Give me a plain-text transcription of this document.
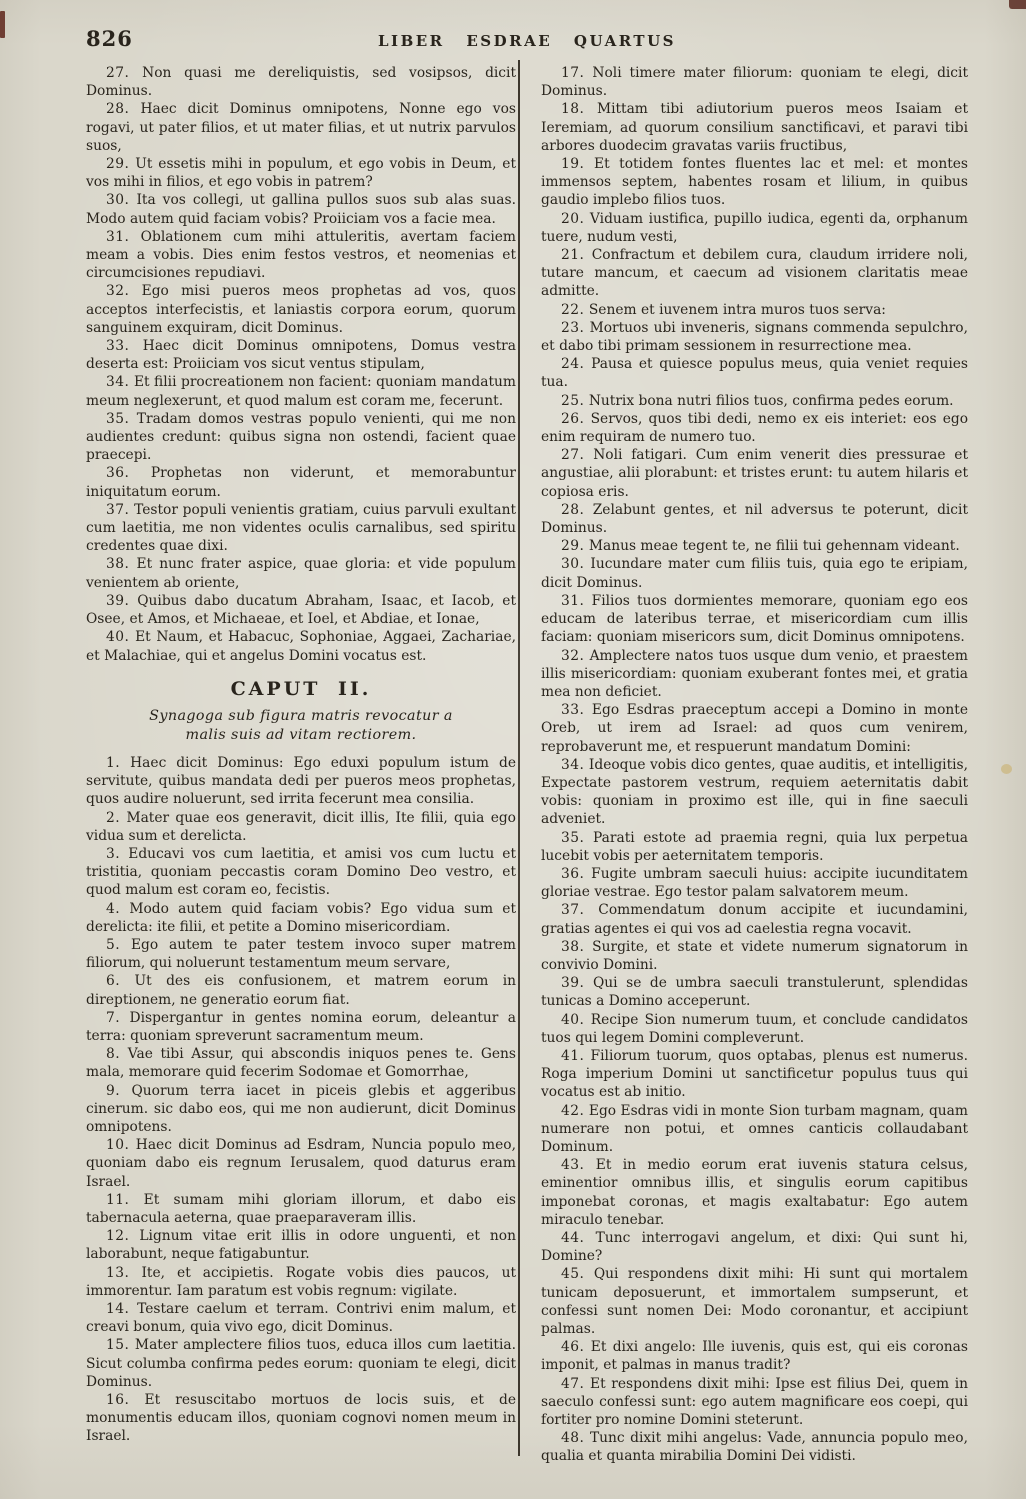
826	LIBER ESDRAE QUARTUS

27. Non quasi me dereliquistis, sed vosipsos, dicit Dominus.

28. Haec dicit Dominus omnipotens, Nonne ego vos rogavi, ut pater filios, et ut mater filias, et ut nutrix parvulos suos,

29. Ut essetis mihi in populum, et ego vobis in Deum, et vos mihi in filios, et ego vobis in patrem?

30. Ita vos collegi, ut gallina pullos suos sub alas suas. Modo autem quid faciam vobis? Proiiciam vos a facie mea.

31. Oblationem cum mihi attuleritis, avertam faciem meam a vobis. Dies enim festos vestros, et neomenias et circumcisiones repudiavi.

32. Ego misi pueros meos prophetas ad vos, quos acceptos interfecistis, et laniastis corpora eorum, quorum sanguinem exquiram, dicit Dominus.

33. Haec dicit Dominus omnipotens, Domus vestra deserta est: Proiiciam vos sicut ventus stipulam,

34. Et filii procreationem non facient: quoniam mandatum meum neglexerunt, et quod malum est coram me, fecerunt.

35. Tradam domos vestras populo venienti, qui me non audientes credunt: quibus signa non ostendi, facient quae praecepi.

36. Prophetas non viderunt, et memorabuntur iniquitatum eorum.

37. Testor populi venientis gratiam, cuius parvuli exultant cum laetitia, me non videntes oculis carnalibus, sed spiritu credentes quae dixi.

38. Et nunc frater aspice, quae gloria: et vide populum venientem ab oriente,

39. Quibus dabo ducatum Abraham, Isaac, et Iacob, et Osee, et Amos, et Michaeae, et Ioel, et Abdiae, et Ionae,

40. Et Naum, et Habacuc, Sophoniae, Aggaei, Zachariae, et Malachiae, qui et angelus Domini vocatus est.

CAPUT II.
Synagoga sub figura matris revocatur a malis suis ad vitam rectiorem.

1. Haec dicit Dominus: Ego eduxi populum istum de servitute, quibus mandata dedi per pueros meos prophetas, quos audire noluerunt, sed irrita fecerunt mea consilia.

2. Mater quae eos generavit, dicit illis, Ite filii, quia ego vidua sum et derelicta.

3. Educavi vos cum laetitia, et amisi vos cum luctu et tristitia, quoniam peccastis coram Domino Deo vestro, et quod malum est coram eo, fecistis.

4. Modo autem quid faciam vobis? Ego vidua sum et derelicta: ite filii, et petite a Domino misericordiam.

5. Ego autem te pater testem invoco super matrem filiorum, qui noluerunt testamentum meum servare,

6. Ut des eis confusionem, et matrem eorum in direptionem, ne generatio eorum fiat.

7. Dispergantur in gentes nomina eorum, deleantur a terra: quoniam spreverunt sacramentum meum.

8. Vae tibi Assur, qui abscondis iniquos penes te. Gens mala, memorare quid fecerim Sodomae et Gomorrhae,

9. Quorum terra iacet in piceis glebis et aggeribus cinerum. sic dabo eos, qui me non audierunt, dicit Dominus omnipotens.

10. Haec dicit Dominus ad Esdram, Nuncia populo meo, quoniam dabo eis regnum Ierusalem, quod daturus eram Israel.

11. Et sumam mihi gloriam illorum, et dabo eis tabernacula aeterna, quae praeparaveram illis.

12. Lignum vitae erit illis in odore unguenti, et non laborabunt, neque fatigabuntur.

13. Ite, et accipietis. Rogate vobis dies paucos, ut immorentur. Iam paratum est vobis regnum: vigilate.

14. Testare caelum et terram. Contrivi enim malum, et creavi bonum, quia vivo ego, dicit Dominus.

15. Mater amplectere filios tuos, educa illos cum laetitia. Sicut columba confirma pedes eorum: quoniam te elegi, dicit Dominus.

16. Et resuscitabo mortuos de locis suis, et de monumentis educam illos, quoniam cognovi nomen meum in Israel.

17. Noli timere mater filiorum: quoniam te elegi, dicit Dominus.

18. Mittam tibi adiutorium pueros meos Isaiam et Ieremiam, ad quorum consilium sanctificavi, et paravi tibi arbores duodecim gravatas variis fructibus,

19. Et totidem fontes fluentes lac et mel: et montes immensos septem, habentes rosam et lilium, in quibus gaudio implebo filios tuos.

20. Viduam iustifica, pupillo iudica, egenti da, orphanum tuere, nudum vesti,

21. Confractum et debilem cura, claudum irridere noli, tutare mancum, et caecum ad visionem claritatis meae admitte.

22. Senem et iuvenem intra muros tuos serva:

23. Mortuos ubi inveneris, signans commenda sepulchro, et dabo tibi primam sessionem in resurrectione mea.

24. Pausa et quiesce populus meus, quia veniet requies tua.

25. Nutrix bona nutri filios tuos, confirma pedes eorum.

26. Servos, quos tibi dedi, nemo ex eis interiet: eos ego enim requiram de numero tuo.

27. Noli fatigari. Cum enim venerit dies pressurae et angustiae, alii plorabunt: et tristes erunt: tu autem hilaris et copiosa eris.

28. Zelabunt gentes, et nil adversus te poterunt, dicit Dominus.

29. Manus meae tegent te, ne filii tui gehennam videant.

30. Iucundare mater cum filiis tuis, quia ego te eripiam, dicit Dominus.

31. Filios tuos dormientes memorare, quoniam ego eos educam de lateribus terrae, et misericordiam cum illis faciam: quoniam misericors sum, dicit Dominus omnipotens.

32. Amplectere natos tuos usque dum venio, et praestem illis misericordiam: quoniam exuberant fontes mei, et gratia mea non deficiet.

33. Ego Esdras praeceptum accepi a Domino in monte Oreb, ut irem ad Israel: ad quos cum venirem, reprobaverunt me, et respuerunt mandatum Domini:

34. Ideoque vobis dico gentes, quae auditis, et intelligitis, Expectate pastorem vestrum, requiem aeternitatis dabit vobis: quoniam in proximo est ille, qui in fine saeculi adveniet.

35. Parati estote ad praemia regni, quia lux perpetua lucebit vobis per aeternitatem temporis.

36. Fugite umbram saeculi huius: accipite iucunditatem gloriae vestrae. Ego testor palam salvatorem meum.

37. Commendatum donum accipite et iucundamini, gratias agentes ei qui vos ad caelestia regna vocavit.

38. Surgite, et state et videte numerum signatorum in convivio Domini.

39. Qui se de umbra saeculi transtulerunt, splendidas tunicas a Domino acceperunt.

40. Recipe Sion numerum tuum, et conclude candidatos tuos qui legem Domini compleverunt.

41. Filiorum tuorum, quos optabas, plenus est numerus. Roga imperium Domini ut sanctificetur populus tuus qui vocatus est ab initio.

42. Ego Esdras vidi in monte Sion turbam magnam, quam numerare non potui, et omnes canticis collaudabant Dominum.

43. Et in medio eorum erat iuvenis statura celsus, eminentior omnibus illis, et singulis eorum capitibus imponebat coronas, et magis exaltabatur: Ego autem miraculo tenebar.

44. Tunc interrogavi angelum, et dixi: Qui sunt hi, Domine?

45. Qui respondens dixit mihi: Hi sunt qui mortalem tunicam deposuerunt, et immortalem sumpserunt, et confessi sunt nomen Dei: Modo coronantur, et accipiunt palmas.

46. Et dixi angelo: Ille iuvenis, quis est, qui eis coronas imponit, et palmas in manus tradit?

47. Et respondens dixit mihi: Ipse est filius Dei, quem in saeculo confessi sunt: ego autem magnificare eos coepi, qui fortiter pro nomine Domini steterunt.

48. Tunc dixit mihi angelus: Vade, annuncia populo meo, qualia et quanta mirabilia Domini Dei vidisti.
